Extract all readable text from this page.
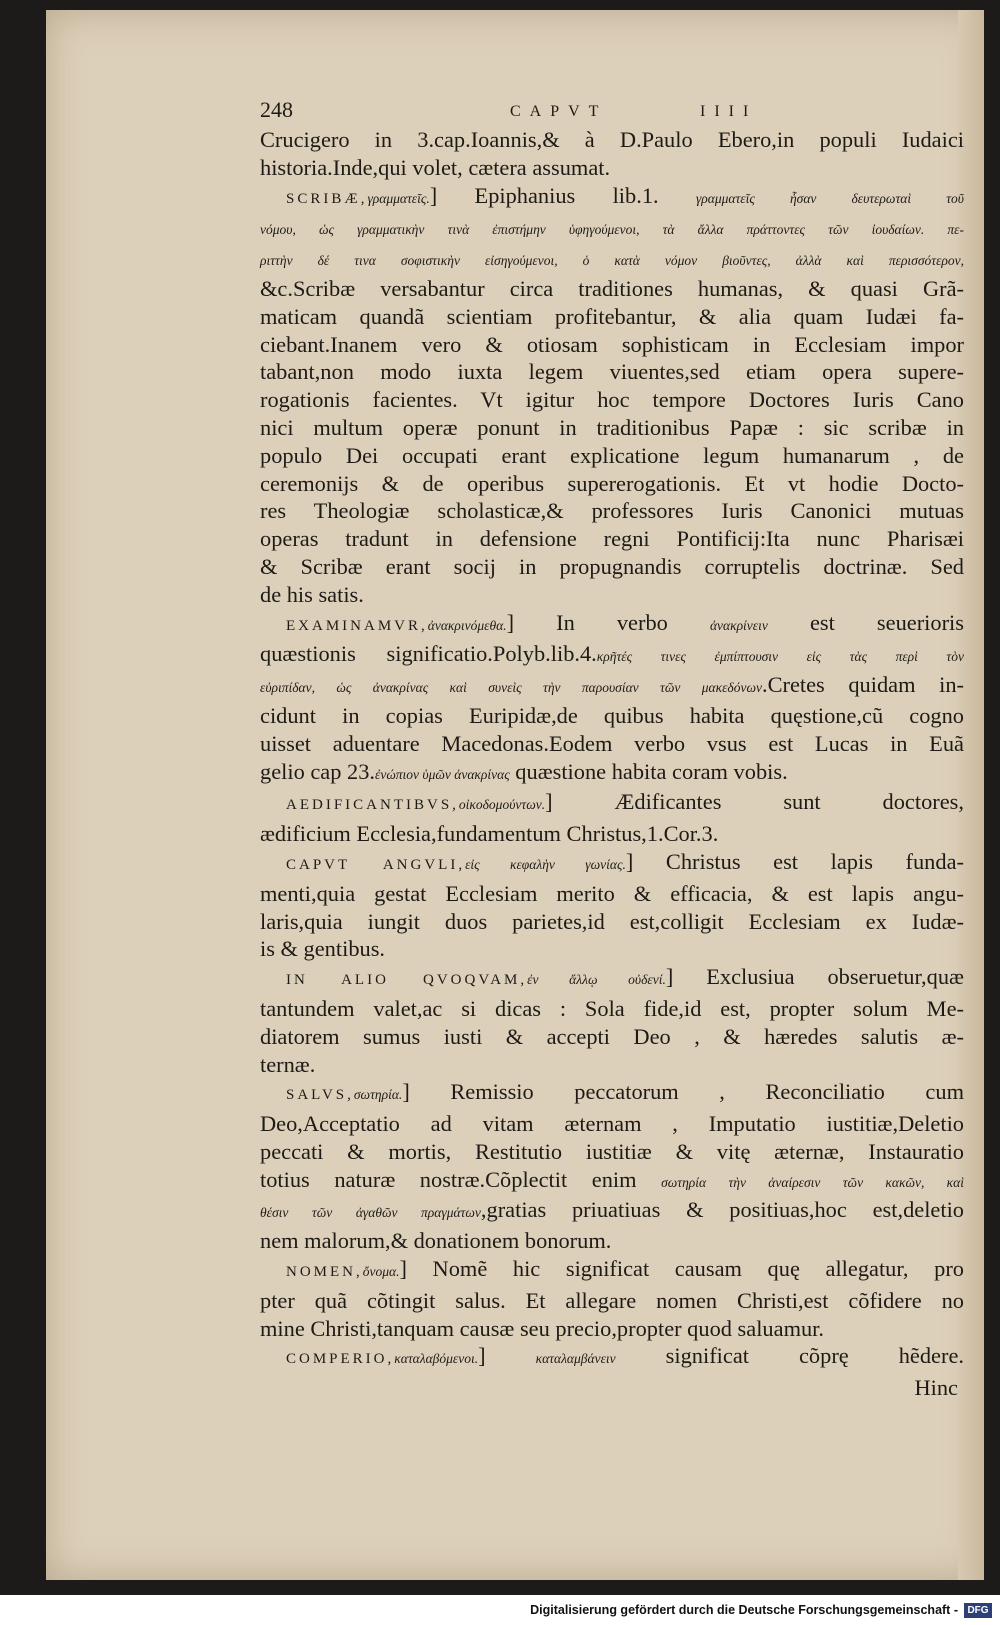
248	CAPVT	IIII
Crucigero in 3.cap.Ioannis,& à D.Paulo Ebero,in populi Iudaici
historia.Inde,qui volet, cætera assumat.
SCRIBÆ,γραμματεῖς.] Epiphanius lib.1. γραμματεῖς ἦσαν δευτερωταὶ τοῦ
νόμου, ὡς γραμματικὴν τινὰ ἐπιστήμην ὑφηγούμενοι, τὰ ἄλλα πράττοντες τῶν ἰουδαίων. πε-
ριττὴν δέ τινα σοφιστικὴν εἰσηγούμενοι, ὁ κατὰ νόμον βιοῦντες, ἀλλὰ καὶ περισσότερον,
&c.Scribæ versabantur circa traditiones humanas, & quasi Grã-
maticam quandã scientiam profitebantur, & alia quam Iudæi fa-
ciebant.Inanem vero & otiosam sophisticam in Ecclesiam impor
tabant,non modo iuxta legem viuentes,sed etiam opera supere-
rogationis facientes. Vt igitur hoc tempore Doctores Iuris Cano
nici multum operæ ponunt in traditionibus Papæ : sic scribæ in
populo Dei occupati erant explicatione legum humanarum , de
ceremonijs & de operibus supererogationis. Et vt hodie Docto-
res Theologiæ scholasticæ,& professores Iuris Canonici mutuas
operas tradunt in defensione regni Pontificij:Ita nunc Pharisæi
& Scribæ erant socij in propugnandis corruptelis doctrinæ. Sed
de his satis.
EXAMINAMVR,ἀνακρινόμεθα.] In verbo ἀνακρίνειν est seuerioris
quæstionis significatio.Polyb.lib.4.κρῆτές τινες ἐμπίπτουσιν εἰς τὰς περὶ τὸν
εὐριπίδαν, ὡς ἀνακρίνας καὶ συνεὶς τὴν παρουσίαν τῶν μακεδόνων.Cretes quidam in-
cidunt in copias Euripidæ,de quibus habita quęstione,cũ cogno
uisset aduentare Macedonas.Eodem verbo vsus est Lucas in Euã
gelio cap 23.ἐνώπιον ὑμῶν ἀνακρίνας quæstione habita coram vobis.
AEDIFICANTIBVS,οἰκοδομούντων.] Ædificantes sunt doctores,
ædificium Ecclesia,fundamentum Christus,1.Cor.3.
CAPVT ANGVLI,εἰς κεφαλὴν γωνίας.] Christus est lapis funda-
menti,quia gestat Ecclesiam merito & efficacia, & est lapis angu-
laris,quia iungit duos parietes,id est,colligit Ecclesiam ex Iudæ-
is & gentibus.
IN ALIO QVOQVAM,ἐν ἄλλῳ οὐδενί.] Exclusiua obseruetur,quæ
tantundem valet,ac si dicas : Sola fide,id est, propter solum Me-
diatorem sumus iusti & accepti Deo , & hæredes salutis æ-
ternæ.
SALVS,σωτηρία.] Remissio peccatorum , Reconciliatio cum
Deo,Acceptatio ad vitam æternam , Imputatio iustitiæ,Deletio
peccati & mortis, Restitutio iustitiæ & vitę æternæ, Instauratio
totius naturæ nostræ.Cõplectit enim σωτηρία τὴν ἀναίρεσιν τῶν κακῶν, καὶ
θέσιν τῶν ἀγαθῶν πραγμάτων,gratias priuatiuas & positiuas,hoc est,deletio
nem malorum,& donationem bonorum.
NOMEN,ὄνομα.] Nomẽ hic significat causam quę allegatur, pro
pter quã cõtingit salus. Et allegare nomen Christi,est cõfidere no
mine Christi,tanquam causæ seu precio,propter quod saluamur.
COMPERIO,καταλαβόμενοι.] καταλαμβάνειν significat cõprę hẽdere.
Hinc
Digitalisierung gefördert durch die Deutsche Forschungsgemeinschaft - DFG
